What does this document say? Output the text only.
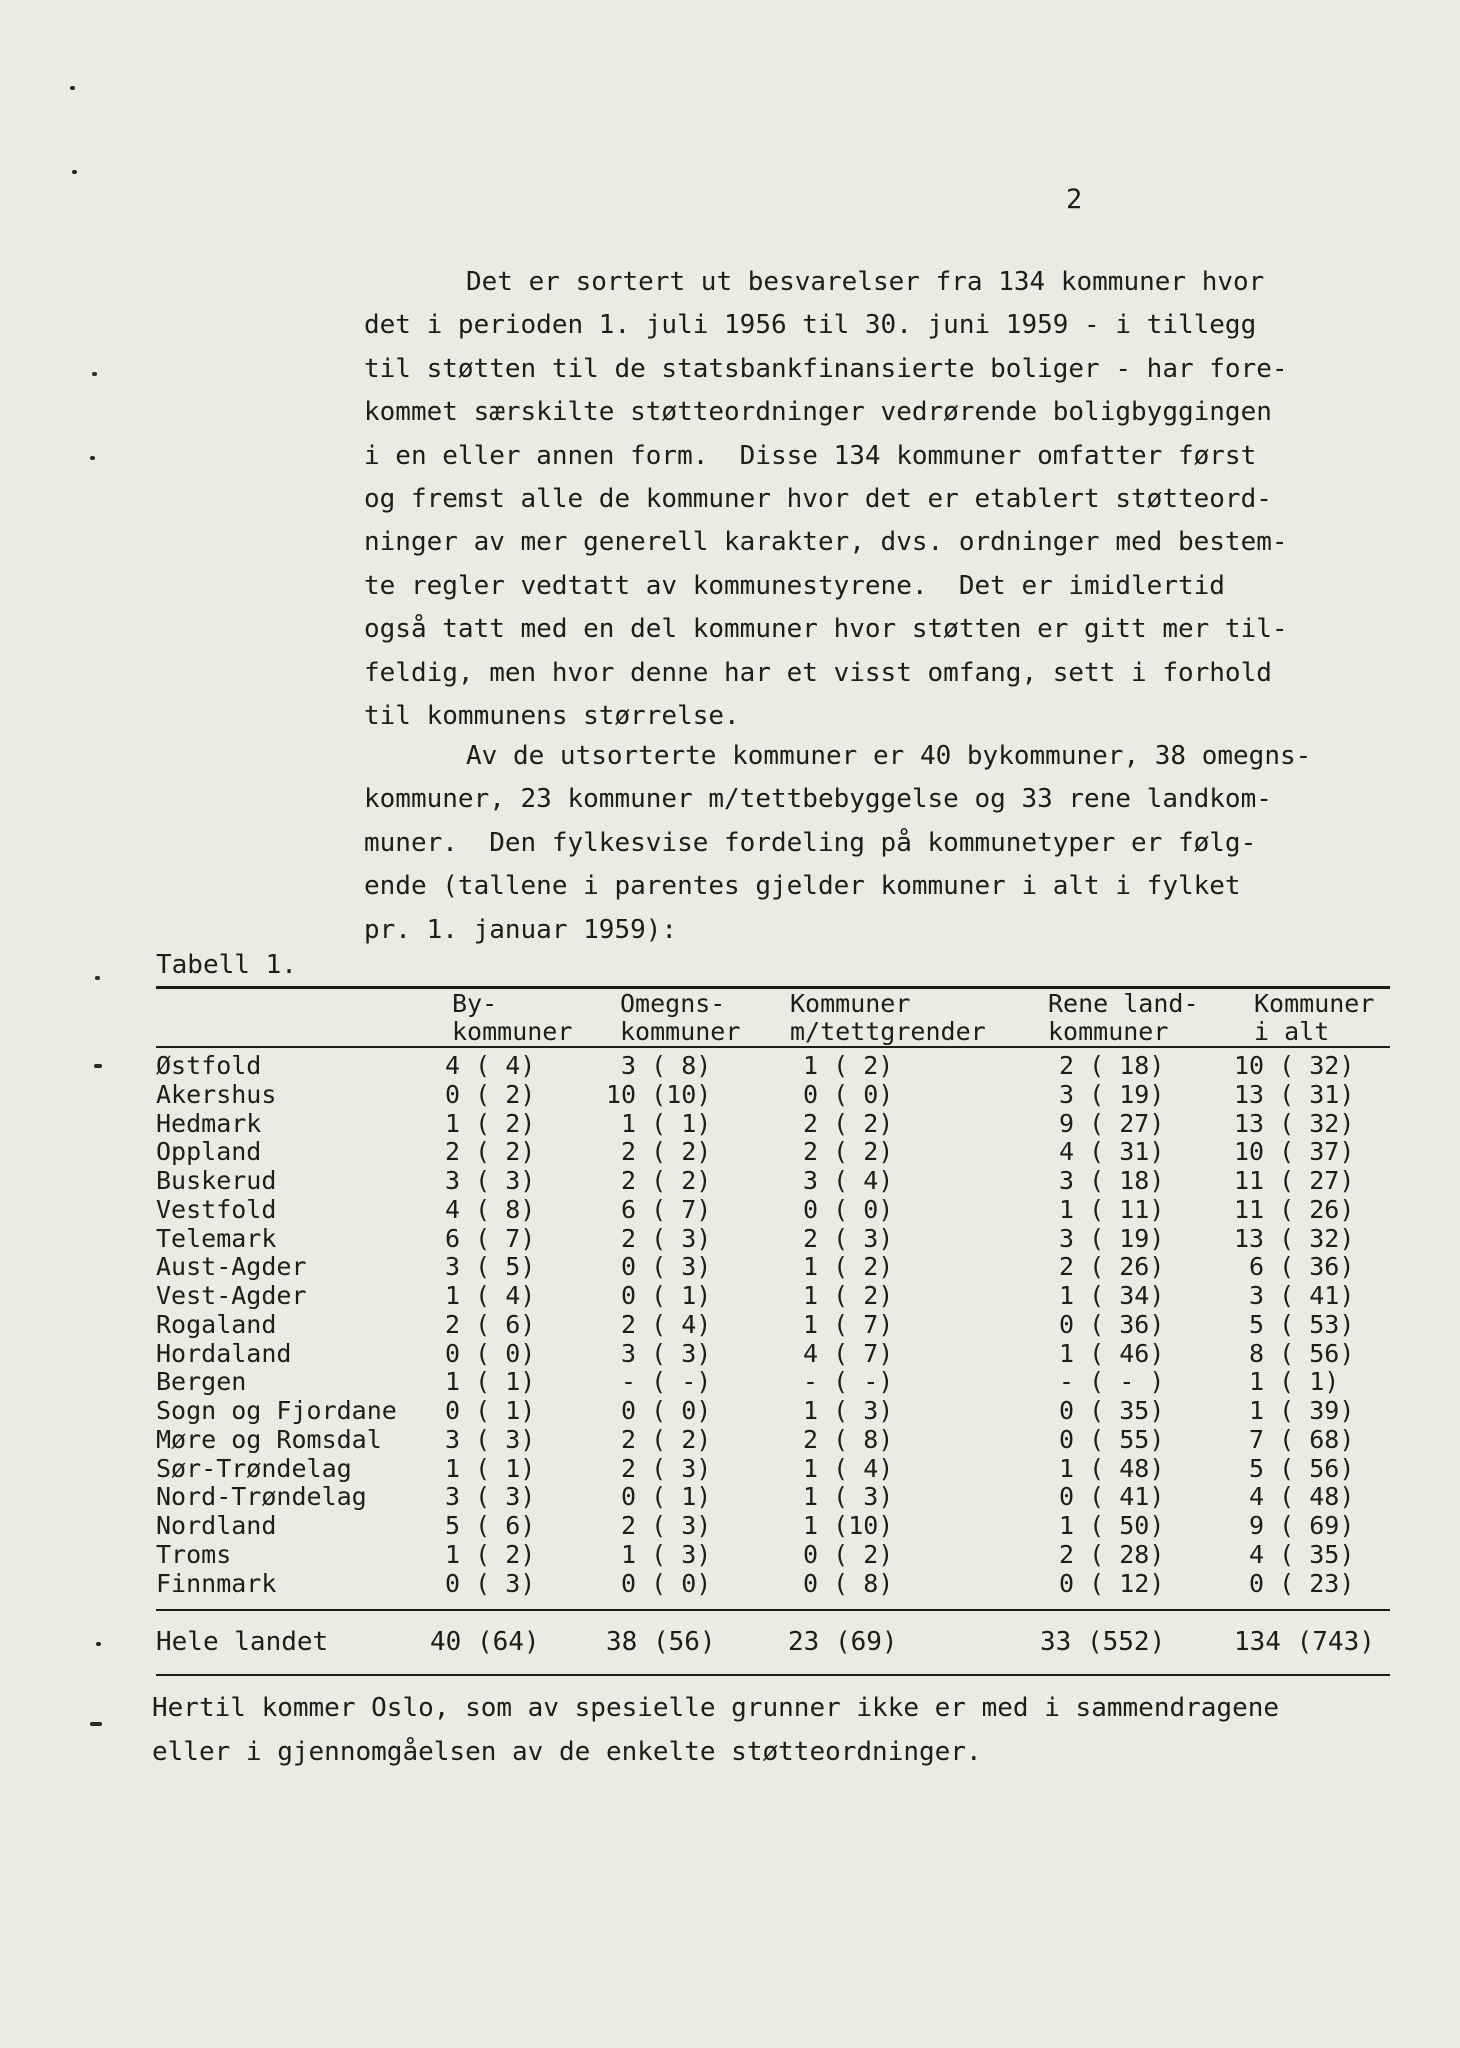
2
Det er sortert ut besvarelser fra 134 kommuner hvor
det i perioden 1. juli 1956 til 30. juni 1959 - i tillegg
til støtten til de statsbankfinansierte boliger - har fore-
kommet særskilte støtteordninger vedrørende boligbyggingen
i en eller annen form.  Disse 134 kommuner omfatter først
og fremst alle de kommuner hvor det er etablert støtteord-
ninger av mer generell karakter, dvs. ordninger med bestem-
te regler vedtatt av kommunestyrene.  Det er imidlertid
også tatt med en del kommuner hvor støtten er gitt mer til-
feldig, men hvor denne har et visst omfang, sett i forhold
til kommunens størrelse.
Av de utsorterte kommuner er 40 bykommuner, 38 omegns-
kommuner, 23 kommuner m/tettbebyggelse og 33 rene landkom-
muner.  Den fylkesvise fordeling på kommunetyper er følg-
ende (tallene i parentes gjelder kommuner i alt i fylket
pr. 1. januar 1959):
Tabell 1.
By-
kommuner
Omegns-
kommuner
Kommuner
m/tettgrender
Rene land-
kommuner
Kommuner
i alt
Østfold	4 ( 4)	3 ( 8)	1 ( 2)	2 ( 18)	10 ( 32)
Akershus	0 ( 2)	10 (10)	0 ( 0)	3 ( 19)	13 ( 31)
Hedmark	1 ( 2)	1 ( 1)	2 ( 2)	9 ( 27)	13 ( 32)
Oppland	2 ( 2)	2 ( 2)	2 ( 2)	4 ( 31)	10 ( 37)
Buskerud	3 ( 3)	2 ( 2)	3 ( 4)	3 ( 18)	11 ( 27)
Vestfold	4 ( 8)	6 ( 7)	0 ( 0)	1 ( 11)	11 ( 26)
Telemark	6 ( 7)	2 ( 3)	2 ( 3)	3 ( 19)	13 ( 32)
Aust-Agder	3 ( 5)	0 ( 3)	1 ( 2)	2 ( 26)	6 ( 36)
Vest-Agder	1 ( 4)	0 ( 1)	1 ( 2)	1 ( 34)	3 ( 41)
Rogaland	2 ( 6)	2 ( 4)	1 ( 7)	0 ( 36)	5 ( 53)
Hordaland	0 ( 0)	3 ( 3)	4 ( 7)	1 ( 46)	8 ( 56)
Bergen	1 ( 1)	- ( -)	- ( -)	- ( - )	1 ( 1)
Sogn og Fjordane 0 ( 1)	0 ( 0)	1 ( 3)	0 ( 35)	1 ( 39)
Møre og Romsdal 3 ( 3)	2 ( 2)	2 ( 8)	0 ( 55)	7 ( 68)
Sør-Trøndelag	1 ( 1)	2 ( 3)	1 ( 4)	1 ( 48)	5 ( 56)
Nord-Trøndelag	3 ( 3)	0 ( 1)	1 ( 3)	0 ( 41)	4 ( 48)
Nordland	5 ( 6)	2 ( 3)	1 (10)	1 ( 50)	9 ( 69)
Troms	1 ( 2)	1 ( 3)	0 ( 2)	2 ( 28)	4 ( 35)
Finnmark	0 ( 3)	0 ( 0)	0 ( 8)	0 ( 12)	0 ( 23)
Hele landet	40 (64)	38 (56)	23 (69)	33 (552)	134 (743)
Hertil kommer Oslo, som av spesielle grunner ikke er med i sammendragene
eller i gjennomgåelsen av de enkelte støtteordninger.
